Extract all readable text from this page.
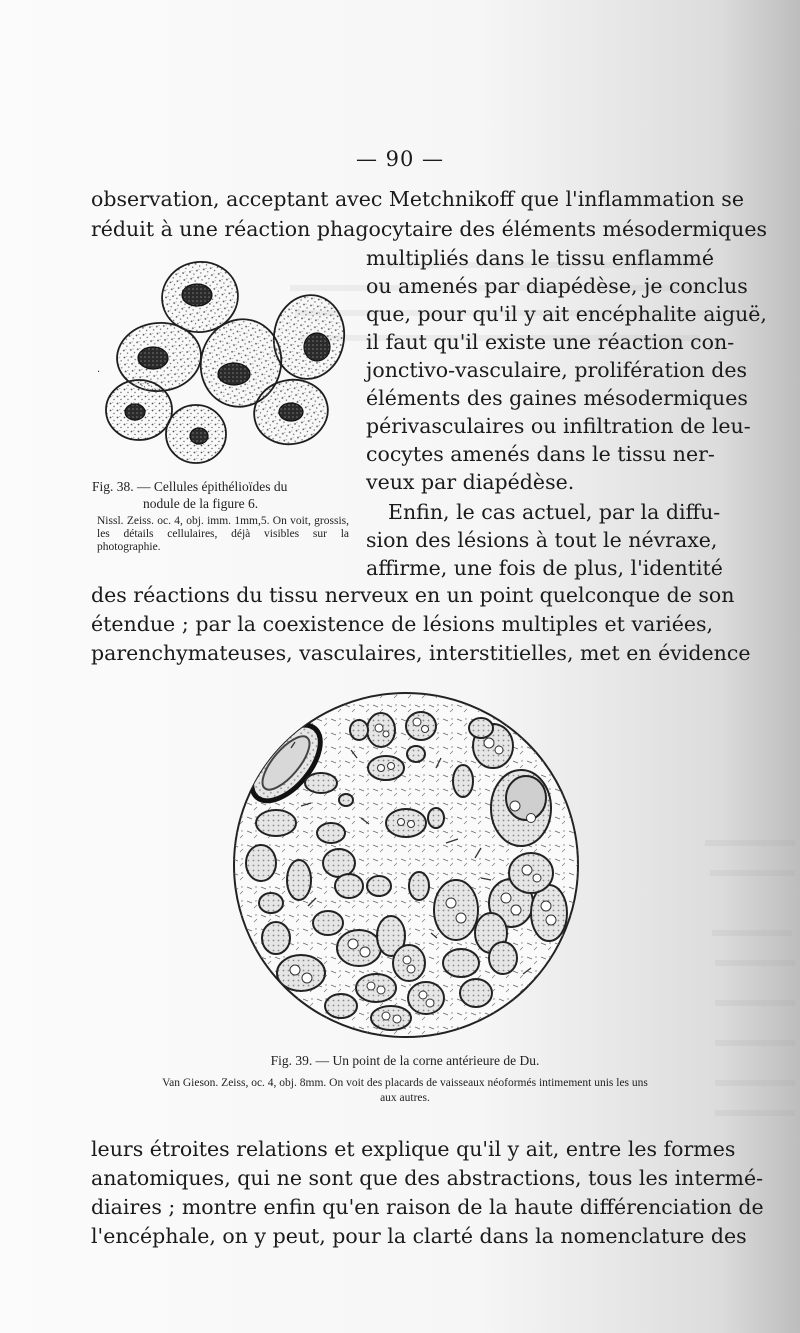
— 90 —
observation, acceptant avec Metchnikoff que l'inflammation se
réduit à une réaction phagocytaire des éléments mésodermiques
·
multipliés dans le tissu enflammé
ou amenés par diapédèse, je conclus
que, pour qu'il y ait encéphalite aiguë,
il faut qu'il existe une réaction con-
jonctivo-vasculaire, prolifération des
éléments des gaines mésodermiques
périvasculaires ou infiltration de leu-
cocytes amenés dans le tissu ner-
veux par diapédèse.
Enfin, le cas actuel, par la diffu-
sion des lésions à tout le névraxe,
affirme, une fois de plus, l'identité
Fig. 38. — Cellules épithélioïdes du
nodule de la figure 6.
Nissl. Zeiss. oc. 4, obj. imm. 1mm,5. On voit, grossis, les détails cellulaires, déjà visibles sur la photographie.
des réactions du tissu nerveux en un point quelconque de son
étendue ; par la coexistence de lésions multiples et variées,
parenchymateuses, vasculaires, interstitielles, met en évidence
Fig. 39. — Un point de la corne antérieure de Du.
Van Gieson. Zeiss, oc. 4, obj. 8mm. On voit des placards de vaisseaux néoformés intimement unis les uns
aux autres.
leurs étroites relations et explique qu'il y ait, entre les formes
anatomiques, qui ne sont que des abstractions, tous les intermé-
diaires ; montre enfin qu'en raison de la haute différenciation de
l'encéphale, on y peut, pour la clarté dans la nomenclature des
